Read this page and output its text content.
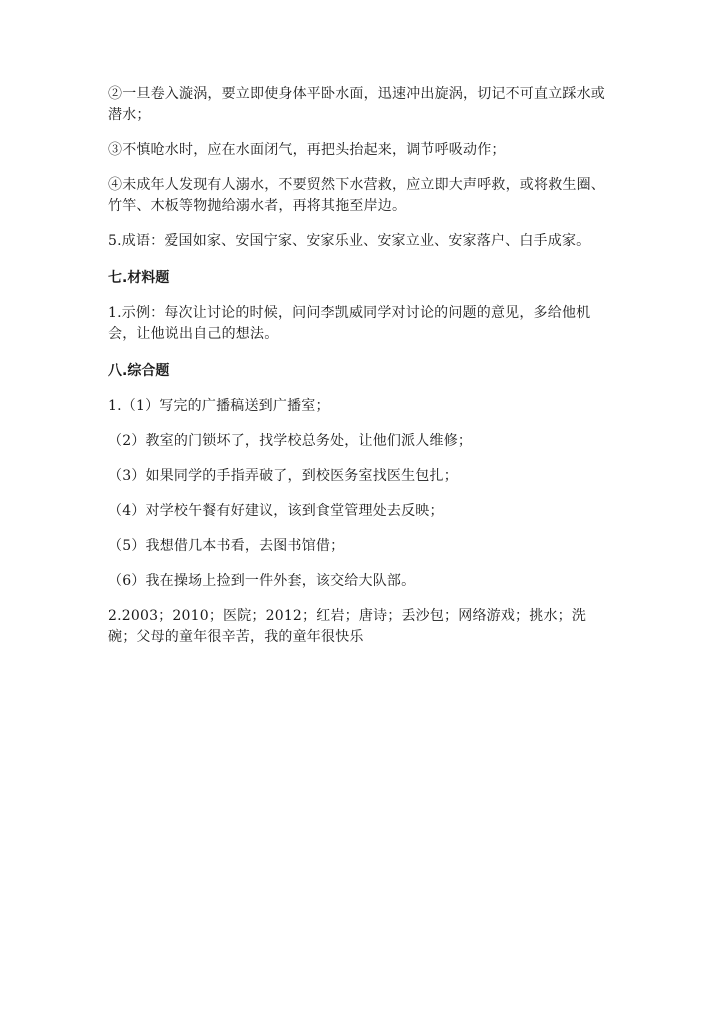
②一旦卷入漩涡，要立即使身体平卧水面，迅速冲出旋涡，切记不可直立踩水或潜水；

③不慎呛水时，应在水面闭气，再把头抬起来，调节呼吸动作；

④未成年人发现有人溺水，不要贸然下水营救，应立即大声呼救，或将救生圈、竹竿、木板等物抛给溺水者，再将其拖至岸边。

5.成语：爱国如家、安国宁家、安家乐业、安家立业、安家落户、白手成家。

七.材料题

1.示例：每次让讨论的时候，问问李凯威同学对讨论的问题的意见，多给他机会，让他说出自己的想法。

八.综合题

1.（1）写完的广播稿送到广播室；

（2）教室的门锁坏了，找学校总务处，让他们派人维修；

（3）如果同学的手指弄破了，到校医务室找医生包扎；

（4）对学校午餐有好建议，该到食堂管理处去反映；

（5）我想借几本书看，去图书馆借；

（6）我在操场上捡到一件外套，该交给大队部。

2.2003；2010；医院；2012；红岩；唐诗；丢沙包；网络游戏；挑水；洗碗；父母的童年很辛苦，我的童年很快乐
